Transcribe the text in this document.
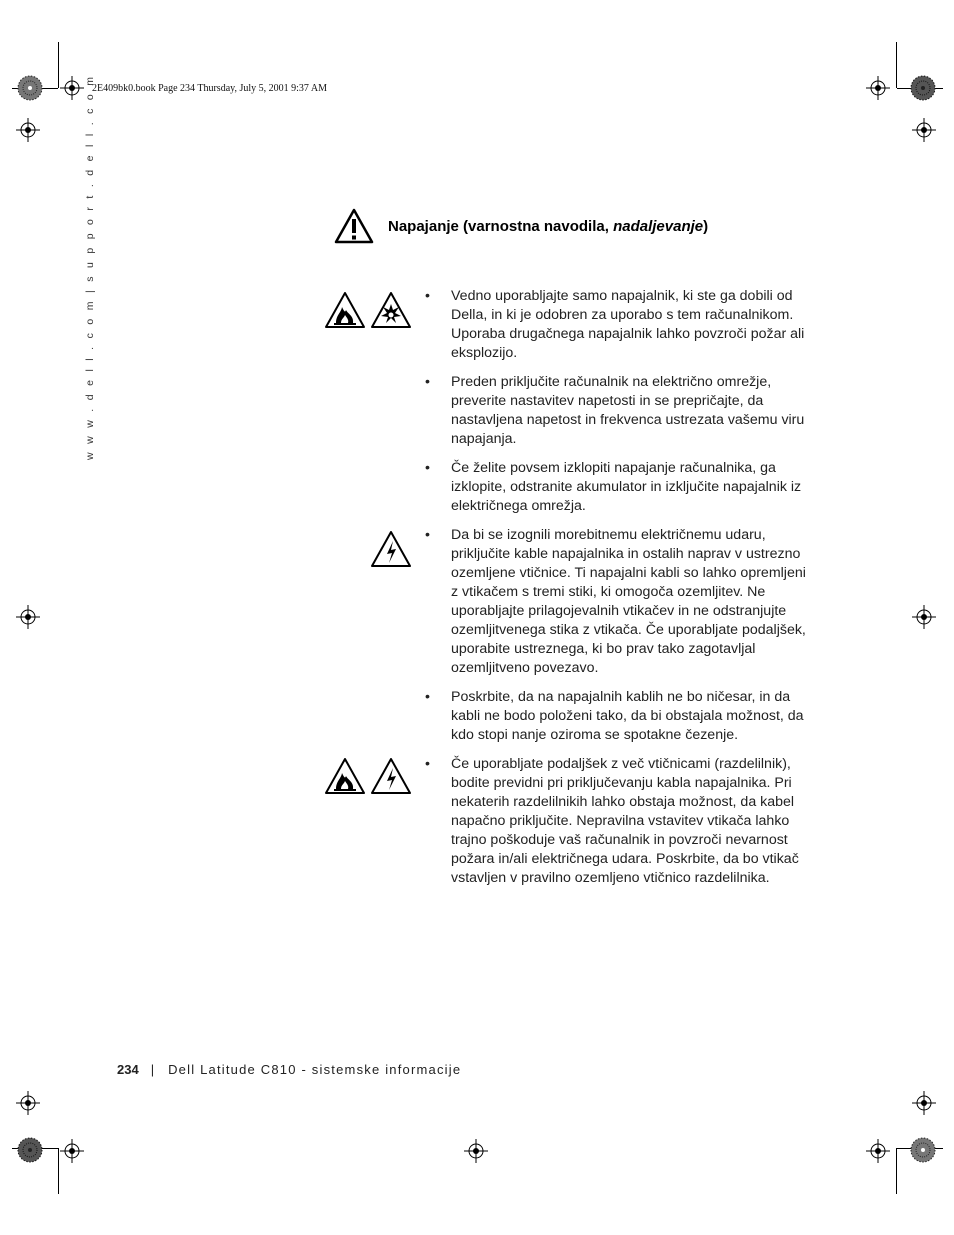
2E409bk0.book Page 234 Thursday, July 5, 2001 9:37 AM
w w w . d e l l . c o m | s u p p o r t . d e l l . c o m	Napajanje (varnostna navodila, nadaljevanje)
• Vedno uporabljajte samo napajalnik, ki ste ga dobili od Della, in ki je odobren za uporabo s tem računalnikom. Uporaba drugačnega napajalnik lahko povzroči požar ali eksplozijo.
• Preden priključite računalnik na električno omrežje, preverite nastavitev napetosti in se prepričajte, da nastavljena napetost in frekvenca ustrezata vašemu viru napajanja.
• Če želite povsem izklopiti napajanje računalnika, ga izklopite, odstranite akumulator in izključite napajalnik iz električnega omrežja.
• Da bi se izognili morebitnemu električnemu udaru, priključite kable napajalnika in ostalih naprav v ustrezno ozemljene vtičnice. Ti napajalni kabli so lahko opremljeni z vtikačem s tremi stiki, ki omogoča ozemljitev. Ne uporabljajte prilagojevalnih vtikačev in ne odstranjujte ozemljitvenega stika z vtikača. Če uporabljate podaljšek, uporabite ustreznega, ki bo prav tako zagotavljal ozemljitveno povezavo.
• Poskrbite, da na napajalnih kablih ne bo ničesar, in da kabli ne bodo položeni tako, da bi obstajala možnost, da kdo stopi nanje oziroma se spotakne čezenje.
• Če uporabljate podaljšek z več vtičnicami (razdelilnik), bodite previdni pri priključevanju kabla napajalnika. Pri nekaterih razdelilnikih lahko obstaja možnost, da kabel napačno priključite. Nepravilna vstavitev vtikača lahko trajno poškoduje vaš računalnik in povzroči nevarnost požara in/ali električnega udara. Poskrbite, da bo vtikač vstavljen v pravilno ozemljeno vtičnico razdelilnika.
234 | Dell Latitude C810 - sistemske informacije
